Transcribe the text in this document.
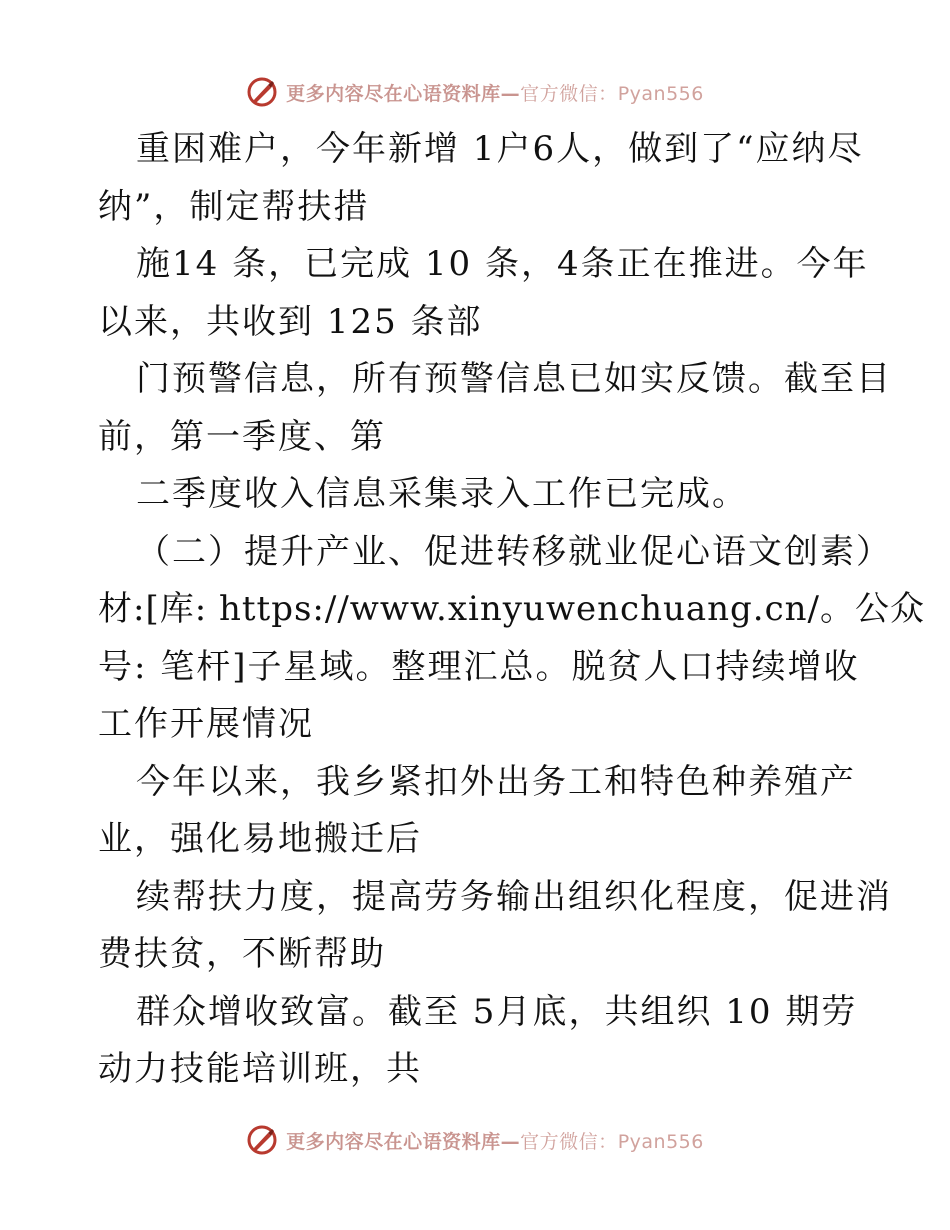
更多内容尽在心语资料库—官方微信：Pyan556
重困难户，今年新增 1户6人，做到了“应纳尽
纳”，制定帮扶措
施14 条，已完成 10 条，4条正在推进。今年
以来，共收到 125 条部
门预警信息，所有预警信息已如实反馈。截至目
前，第一季度、第
二季度收入信息采集录入工作已完成。
（二）提升产业、促进转移就业促心语文创素）
材:[库: https://www.xinyuwenchuang.cn/。公众
号: 笔杆]子星域。整理汇总。脱贫人口持续增收
工作开展情况
今年以来，我乡紧扣外出务工和特色种养殖产
业，强化易地搬迁后
续帮扶力度，提高劳务输出组织化程度，促进消
费扶贫，不断帮助
群众增收致富。截至 5月底，共组织 10 期劳
动力技能培训班，共
更多内容尽在心语资料库—官方微信：Pyan556
